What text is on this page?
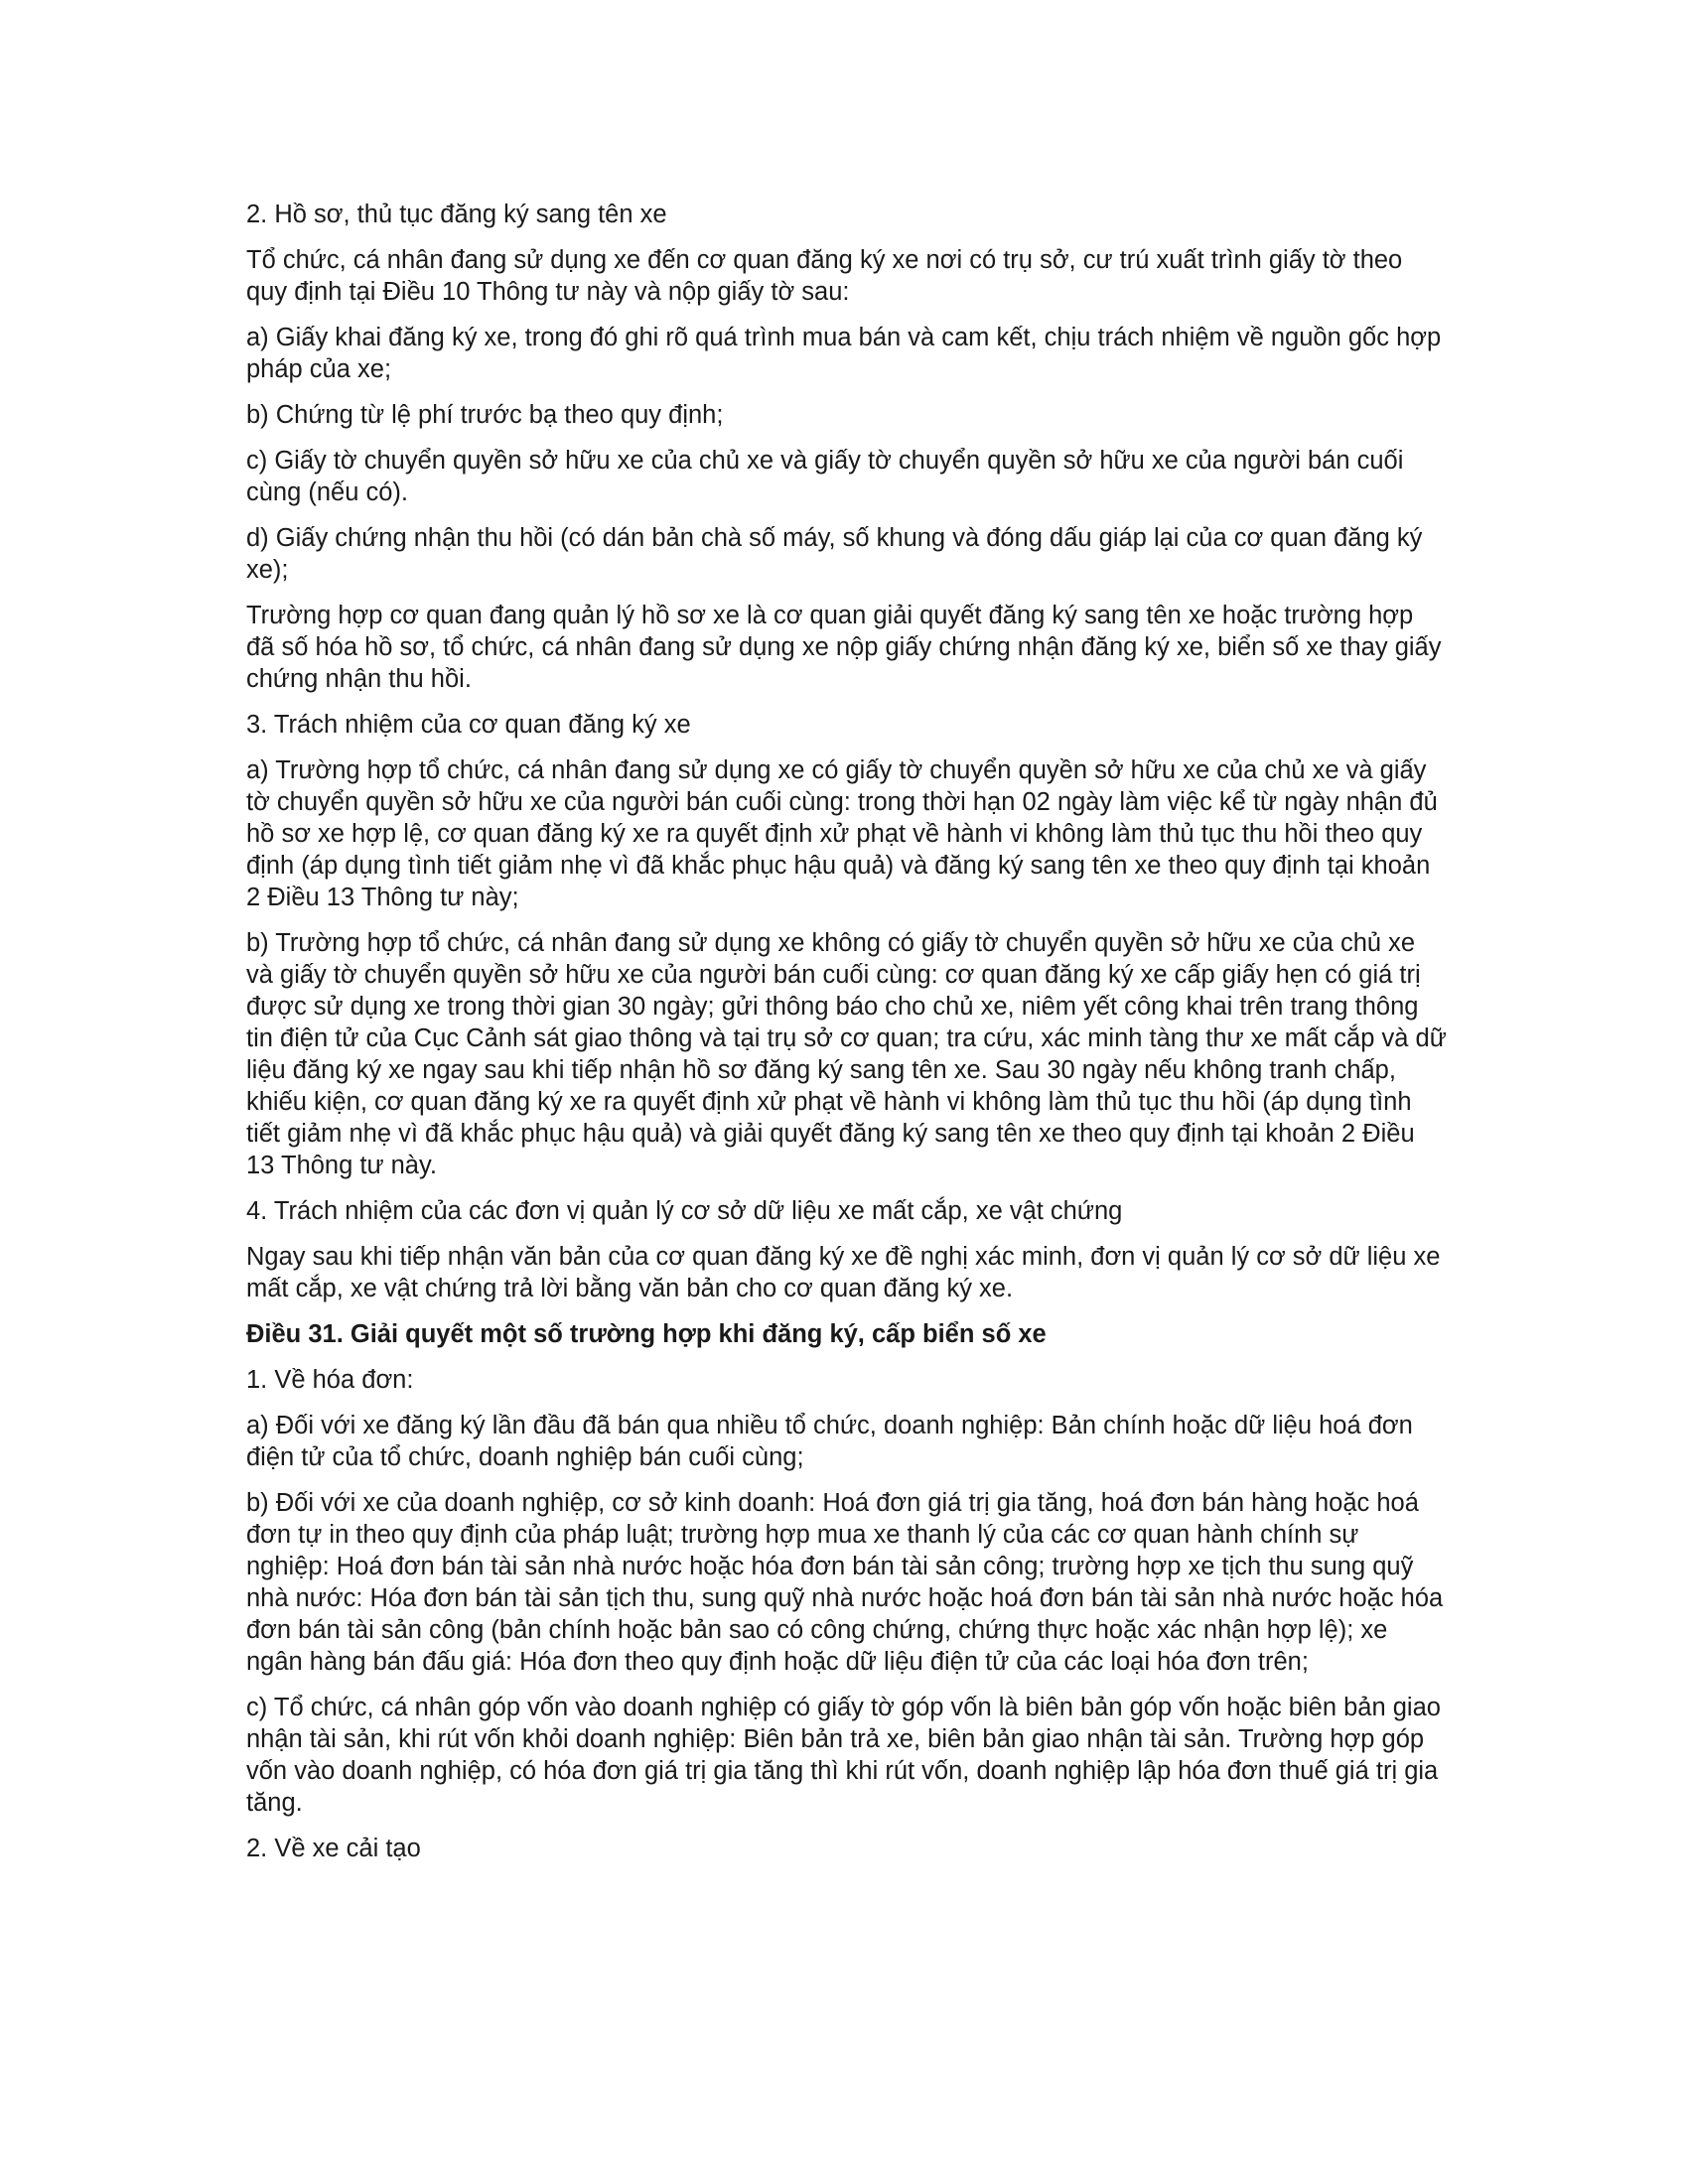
2. Hồ sơ, thủ tục đăng ký sang tên xe

Tổ chức, cá nhân đang sử dụng xe đến cơ quan đăng ký xe nơi có trụ sở, cư trú xuất trình giấy tờ theo quy định tại Điều 10 Thông tư này và nộp giấy tờ sau:

a) Giấy khai đăng ký xe, trong đó ghi rõ quá trình mua bán và cam kết, chịu trách nhiệm về nguồn gốc hợp pháp của xe;

b) Chứng từ lệ phí trước bạ theo quy định;

c) Giấy tờ chuyển quyền sở hữu xe của chủ xe và giấy tờ chuyển quyền sở hữu xe của người bán cuối cùng (nếu có).

d) Giấy chứng nhận thu hồi (có dán bản chà số máy, số khung và đóng dấu giáp lại của cơ quan đăng ký xe);

Trường hợp cơ quan đang quản lý hồ sơ xe là cơ quan giải quyết đăng ký sang tên xe hoặc trường hợp đã số hóa hồ sơ, tổ chức, cá nhân đang sử dụng xe nộp giấy chứng nhận đăng ký xe, biển số xe thay giấy chứng nhận thu hồi.

3. Trách nhiệm của cơ quan đăng ký xe

a) Trường hợp tổ chức, cá nhân đang sử dụng xe có giấy tờ chuyển quyền sở hữu xe của chủ xe và giấy tờ chuyển quyền sở hữu xe của người bán cuối cùng: trong thời hạn 02 ngày làm việc kể từ ngày nhận đủ hồ sơ xe hợp lệ, cơ quan đăng ký xe ra quyết định xử phạt về hành vi không làm thủ tục thu hồi theo quy định (áp dụng tình tiết giảm nhẹ vì đã khắc phục hậu quả) và đăng ký sang tên xe theo quy định tại khoản 2 Điều 13 Thông tư này;

b) Trường hợp tổ chức, cá nhân đang sử dụng xe không có giấy tờ chuyển quyền sở hữu xe của chủ xe và giấy tờ chuyển quyền sở hữu xe của người bán cuối cùng: cơ quan đăng ký xe cấp giấy hẹn có giá trị được sử dụng xe trong thời gian 30 ngày; gửi thông báo cho chủ xe, niêm yết công khai trên trang thông tin điện tử của Cục Cảnh sát giao thông và tại trụ sở cơ quan; tra cứu, xác minh tàng thư xe mất cắp và dữ liệu đăng ký xe ngay sau khi tiếp nhận hồ sơ đăng ký sang tên xe. Sau 30 ngày nếu không tranh chấp, khiếu kiện, cơ quan đăng ký xe ra quyết định xử phạt về hành vi không làm thủ tục thu hồi (áp dụng tình tiết giảm nhẹ vì đã khắc phục hậu quả) và giải quyết đăng ký sang tên xe theo quy định tại khoản 2 Điều 13 Thông tư này.

4. Trách nhiệm của các đơn vị quản lý cơ sở dữ liệu xe mất cắp, xe vật chứng

Ngay sau khi tiếp nhận văn bản của cơ quan đăng ký xe đề nghị xác minh, đơn vị quản lý cơ sở dữ liệu xe mất cắp, xe vật chứng trả lời bằng văn bản cho cơ quan đăng ký xe.

Điều 31. Giải quyết một số trường hợp khi đăng ký, cấp biển số xe

1. Về hóa đơn:

a) Đối với xe đăng ký lần đầu đã bán qua nhiều tổ chức, doanh nghiệp: Bản chính hoặc dữ liệu hoá đơn điện tử của tổ chức, doanh nghiệp bán cuối cùng;

b) Đối với xe của doanh nghiệp, cơ sở kinh doanh: Hoá đơn giá trị gia tăng, hoá đơn bán hàng hoặc hoá đơn tự in theo quy định của pháp luật; trường hợp mua xe thanh lý của các cơ quan hành chính sự nghiệp: Hoá đơn bán tài sản nhà nước hoặc hóa đơn bán tài sản công; trường hợp xe tịch thu sung quỹ nhà nước: Hóa đơn bán tài sản tịch thu, sung quỹ nhà nước hoặc hoá đơn bán tài sản nhà nước hoặc hóa đơn bán tài sản công (bản chính hoặc bản sao có công chứng, chứng thực hoặc xác nhận hợp lệ); xe ngân hàng bán đấu giá: Hóa đơn theo quy định hoặc dữ liệu điện tử của các loại hóa đơn trên;

c) Tổ chức, cá nhân góp vốn vào doanh nghiệp có giấy tờ góp vốn là biên bản góp vốn hoặc biên bản giao nhận tài sản, khi rút vốn khỏi doanh nghiệp: Biên bản trả xe, biên bản giao nhận tài sản. Trường hợp góp vốn vào doanh nghiệp, có hóa đơn giá trị gia tăng thì khi rút vốn, doanh nghiệp lập hóa đơn thuế giá trị gia tăng.

2. Về xe cải tạo
